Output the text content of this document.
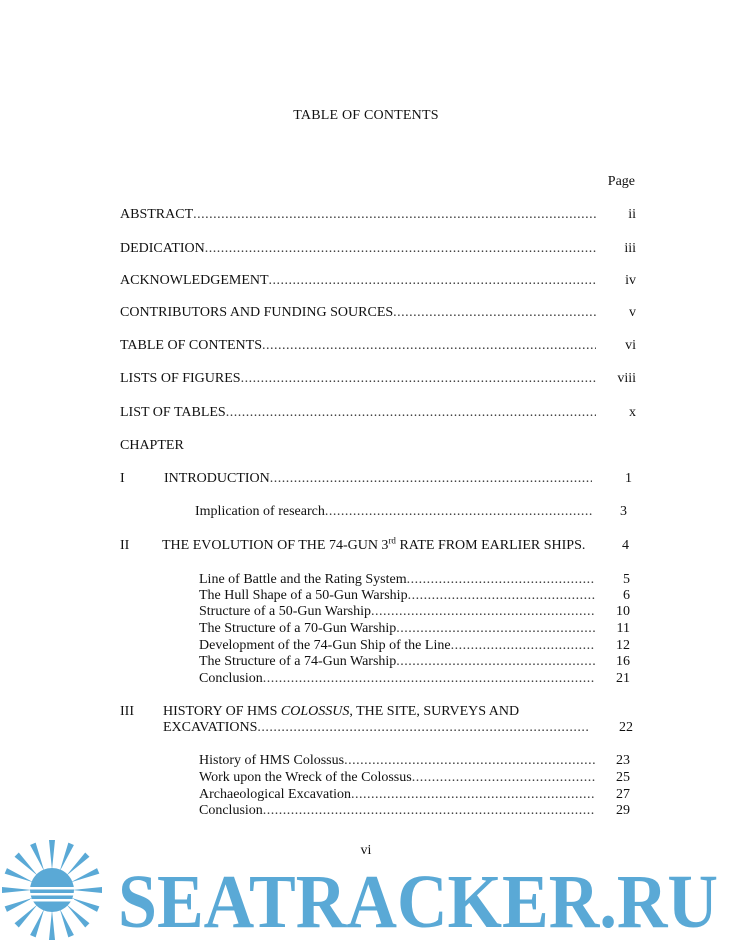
TABLE OF CONTENTS
Page
ABSTRACT .....	ii
DEDICATION .....	iii
ACKNOWLEDGEMENT .....	iv
CONTRIBUTORS AND FUNDING SOURCES .....	v
TABLE OF CONTENTS .....	vi
LISTS OF FIGURES .....	viii
LIST OF TABLES .....	x
CHAPTER
I	INTRODUCTION .....	1
Implication of research .....	3
II THE EVOLUTION OF THE 74-GUN 3rd RATE FROM EARLIER SHIPS.	4
Line of Battle and the Rating System .....	5
The Hull Shape of a 50-Gun Warship .....	6
Structure of a 50-Gun Warship .....	10
The Structure of a 70-Gun Warship .....	11
Development of the 74-Gun Ship of the Line .....	12
The Structure of a 74-Gun Warship .....	16
Conclusion .....	21
III HISTORY OF HMS COLOSSUS, THE SITE, SURVEYS AND
EXCAVATIONS .....	22
History of HMS Colossus .....	23
Work upon the Wreck of the Colossus .....	25
Archaeological Excavation .....	27
Conclusion .....	29
vi
SEATRACKER.RU
